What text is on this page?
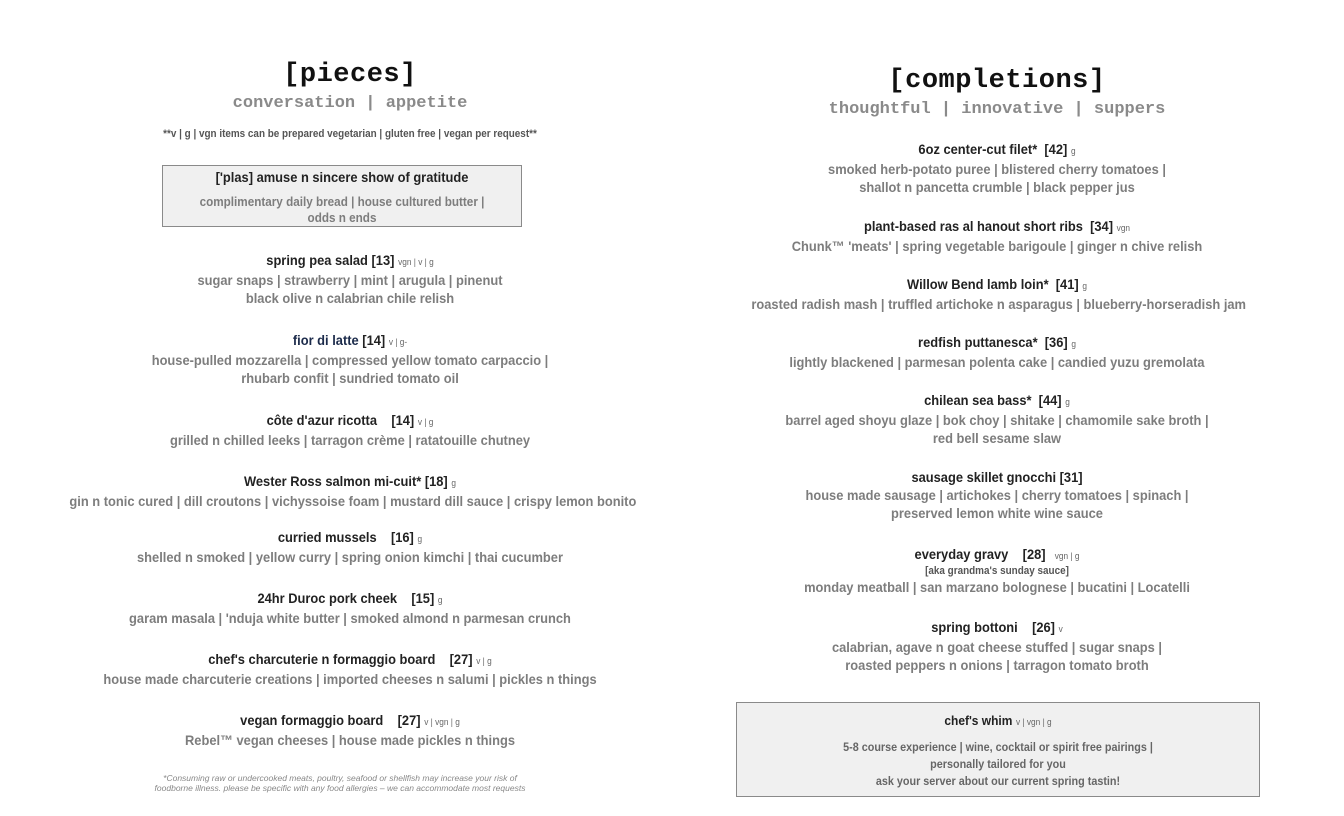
[pieces]
conversation | appetite
**v | g | vgn items can be prepared vegetarian | gluten free | vegan per request**
['plas] amuse n sincere show of gratitude
complimentary daily bread | house cultured butter |
odds n ends
spring pea salad [13] vgn | v | g
sugar snaps | strawberry | mint | arugula | pinenut
black olive n calabrian chile relish
fior di latte [14] v | g-
house-pulled mozzarella | compressed yellow tomato carpaccio |
rhubarb confit | sundried tomato oil
côte d'azur ricotta    [14] v | g
grilled n chilled leeks | tarragon crème | ratatouille chutney
Wester Ross salmon mi-cuit* [18] g
gin n tonic cured | dill croutons | vichyssoise foam | mustard dill sauce | crispy lemon bonito
curried mussels    [16] g
shelled n smoked | yellow curry | spring onion kimchi | thai cucumber
24hr Duroc pork cheek    [15] g
garam masala | 'nduja white butter | smoked almond n parmesan crunch
chef's charcuterie n formaggio board    [27] v | g
house made charcuterie creations | imported cheeses n salumi | pickles n things
vegan formaggio board    [27] v | vgn | g
Rebel™ vegan cheeses | house made pickles n things
*Consuming raw or undercooked meats, poultry, seafood or shellfish may increase your risk of
foodborne illness. please be specific with any food allergies – we can accommodate most requests
[completions]
thoughtful | innovative | suppers
6oz center-cut filet*  [42] g
smoked herb-potato puree | blistered cherry tomatoes |
shallot n pancetta crumble | black pepper jus
plant-based ras al hanout short ribs  [34] vgn
Chunk™ 'meats' | spring vegetable barigoule | ginger n chive relish
Willow Bend lamb loin*  [41] g
roasted radish mash | truffled artichoke n asparagus | blueberry-horseradish jam
redfish puttanesca*  [36] g
lightly blackened | parmesan polenta cake | candied yuzu gremolata
chilean sea bass*  [44] g
barrel aged shoyu glaze | bok choy | shitake | chamomile sake broth |
red bell sesame slaw
sausage skillet gnocchi [31]
house made sausage | artichokes | cherry tomatoes | spinach |
preserved lemon white wine sauce
everyday gravy    [28] vgn | g
[aka grandma's sunday sauce]
monday meatball | san marzano bolognese | bucatini | Locatelli
spring bottoni    [26] v
calabrian, agave n goat cheese stuffed | sugar snaps |
roasted peppers n onions | tarragon tomato broth
chef's whim v | vgn | g
5-8 course experience | wine, cocktail or spirit free pairings |
personally tailored for you
ask your server about our current spring tastin!
